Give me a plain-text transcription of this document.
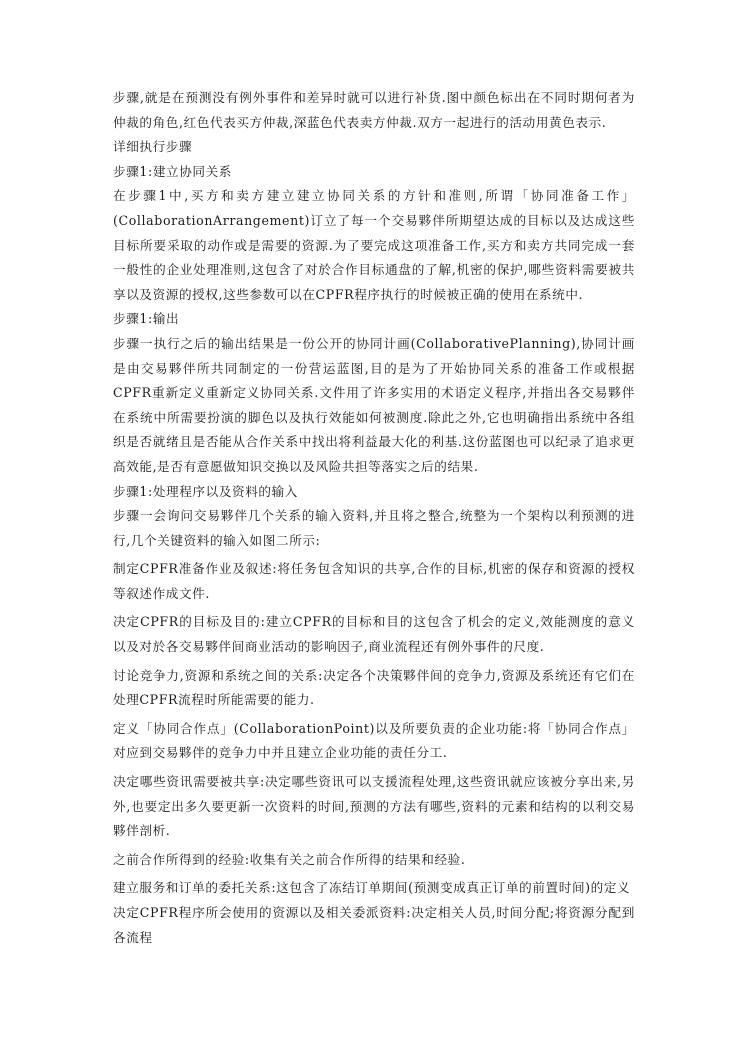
步骤,就是在预测没有例外事件和差异时就可以进行补货.图中颜色标出在不同时期何者为仲裁的角色,红色代表买方仲裁,深蓝色代表卖方仲裁.双方一起进行的活动用黄色表示.

详细执行步骤

步骤1:建立协同关系

在步骤1中,买方和卖方建立建立协同关系的方针和准则,所谓「协同准备工作」(CollaborationArrangement)订立了每一个交易夥伴所期望达成的目标以及达成这些目标所要采取的动作或是需要的资源.为了要完成这项准备工作,买方和卖方共同完成一套一般性的企业处理准则,这包含了对於合作目标通盘的了解,机密的保护,哪些资料需要被共享以及资源的授权,这些参数可以在CPFR程序执行的时候被正确的使用在系统中.

步骤1:输出

步骤一执行之后的输出结果是一份公开的协同计画(CollaborativePlanning),协同计画是由交易夥伴所共同制定的一份营运蓝图,目的是为了开始协同关系的准备工作或根据CPFR重新定义重新定义协同关系.文件用了许多实用的术语定义程序,并指出各交易夥伴在系统中所需要扮演的脚色以及执行效能如何被测度.除此之外,它也明确指出系统中各组织是否就绪且是否能从合作关系中找出将利益最大化的利基.这份蓝图也可以纪录了追求更高效能,是否有意愿做知识交换以及风险共担等落实之后的结果.

步骤1:处理程序以及资料的输入

步骤一会询问交易夥伴几个关系的输入资料,并且将之整合,统整为一个架构以利预测的进行,几个关键资料的输入如图二所示:

制定CPFR准备作业及叙述:将任务包含知识的共享,合作的目标,机密的保存和资源的授权等叙述作成文件.

决定CPFR的目标及目的:建立CPFR的目标和目的这包含了机会的定义,效能测度的意义以及对於各交易夥伴间商业活动的影响因子,商业流程还有例外事件的尺度.

讨论竞争力,资源和系统之间的关系:决定各个决策夥伴间的竞争力,资源及系统还有它们在处理CPFR流程时所能需要的能力.

定义「协同合作点」(CollaborationPoint)以及所要负责的企业功能:将「协同合作点」对应到交易夥伴的竞争力中并且建立企业功能的责任分工.

决定哪些资讯需要被共享:决定哪些资讯可以支援流程处理,这些资讯就应该被分享出来,另外,也要定出多久要更新一次资料的时间,预测的方法有哪些,资料的元素和结构的以利交易夥伴剖析.

之前合作所得到的经验:收集有关之前合作所得的结果和经验.

建立服务和订单的委托关系:这包含了冻结订单期间(预测变成真正订单的前置时间)的定义

决定CPFR程序所会使用的资源以及相关委派资料:决定相关人员,时间分配;将资源分配到各流程
